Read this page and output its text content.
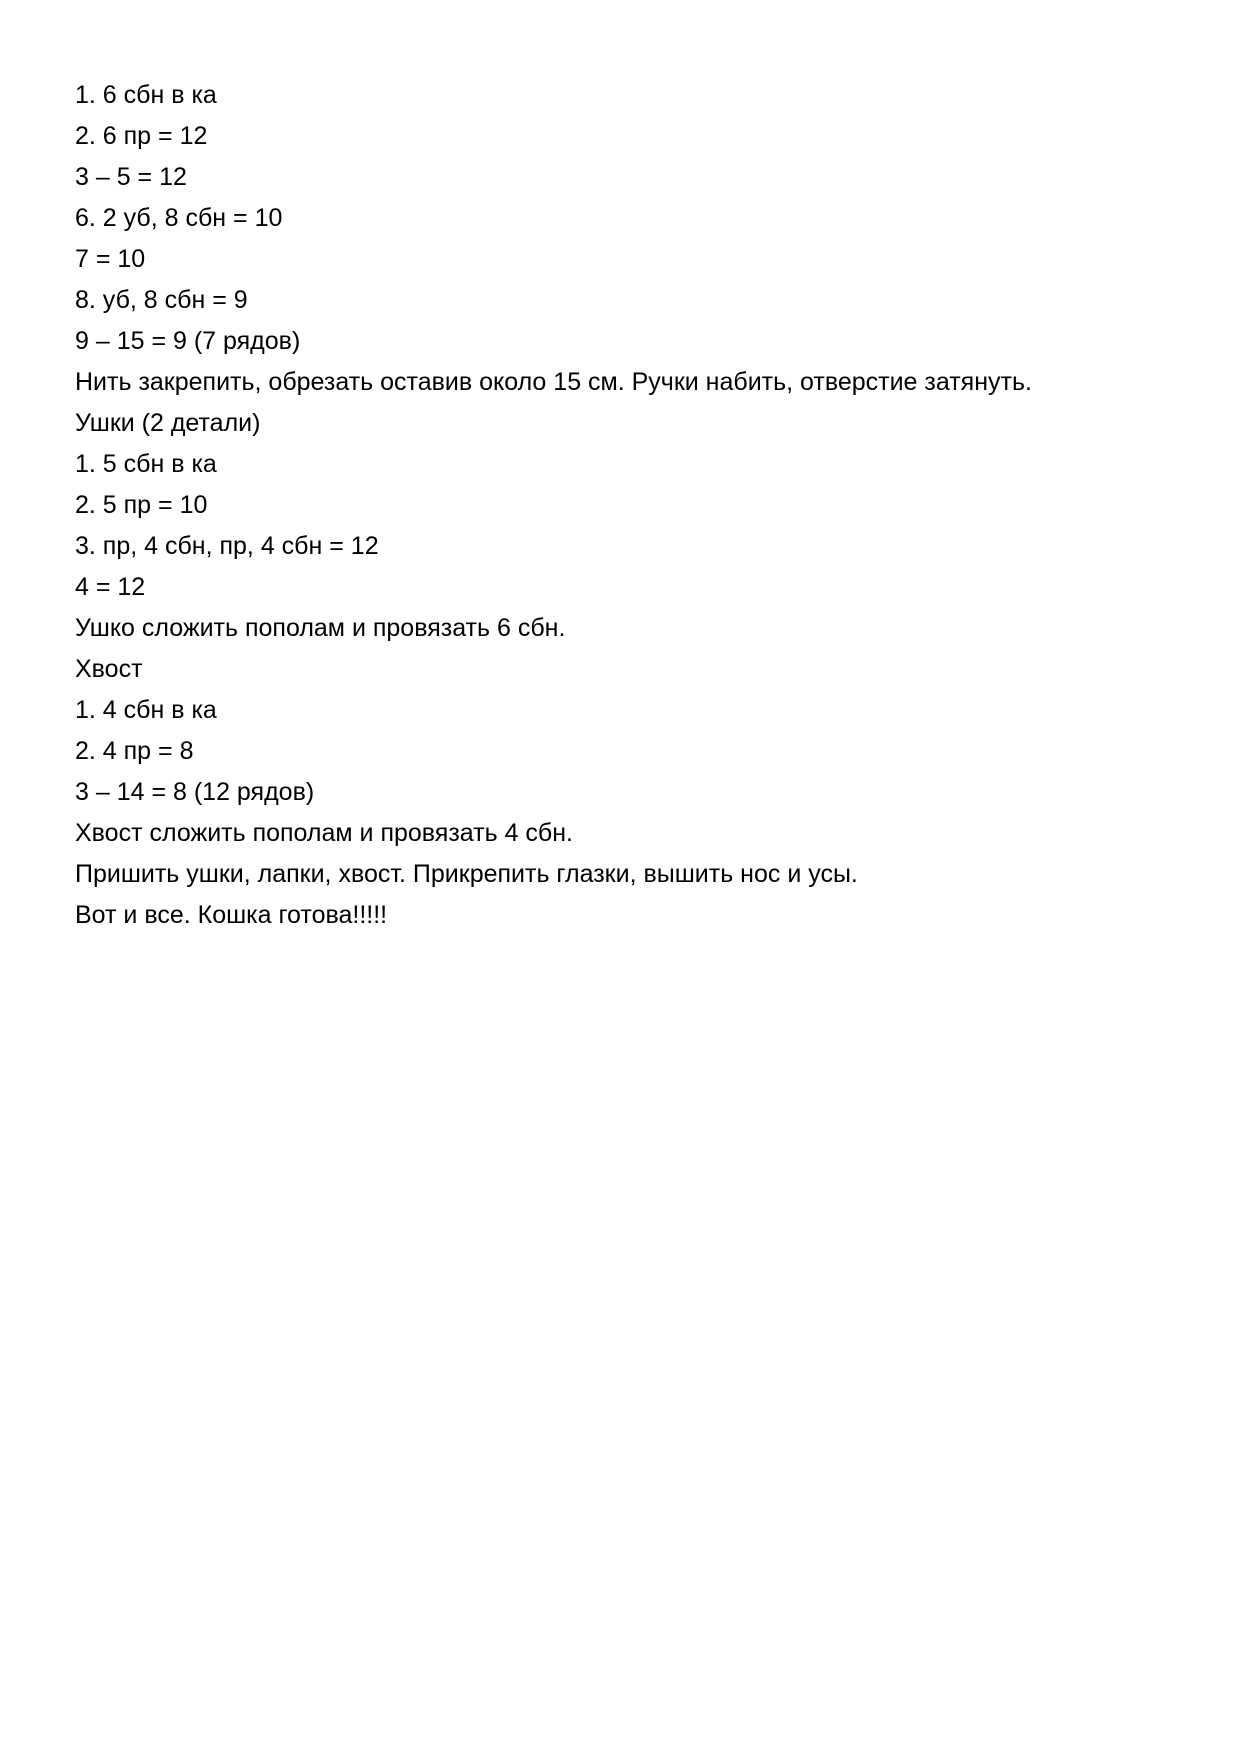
1. 6 сбн в ка
2. 6 пр = 12
3 – 5 = 12
6. 2 уб, 8 сбн = 10
7 = 10
8. уб, 8 сбн = 9
9 – 15 = 9 (7 рядов)
Нить закрепить, обрезать оставив около 15 см. Ручки набить, отверстие затянуть.
Ушки (2 детали)
1. 5 сбн в ка
2. 5 пр = 10
3. пр, 4 сбн, пр, 4 сбн = 12
4 = 12
Ушко сложить пополам и провязать 6 сбн.
Хвост
1. 4 сбн в ка
2. 4 пр = 8
3 – 14 = 8 (12 рядов)
Хвост сложить пополам и провязать 4 сбн.
Пришить ушки, лапки, хвост. Прикрепить глазки, вышить нос и усы.
Вот и все. Кошка готова!!!!!
